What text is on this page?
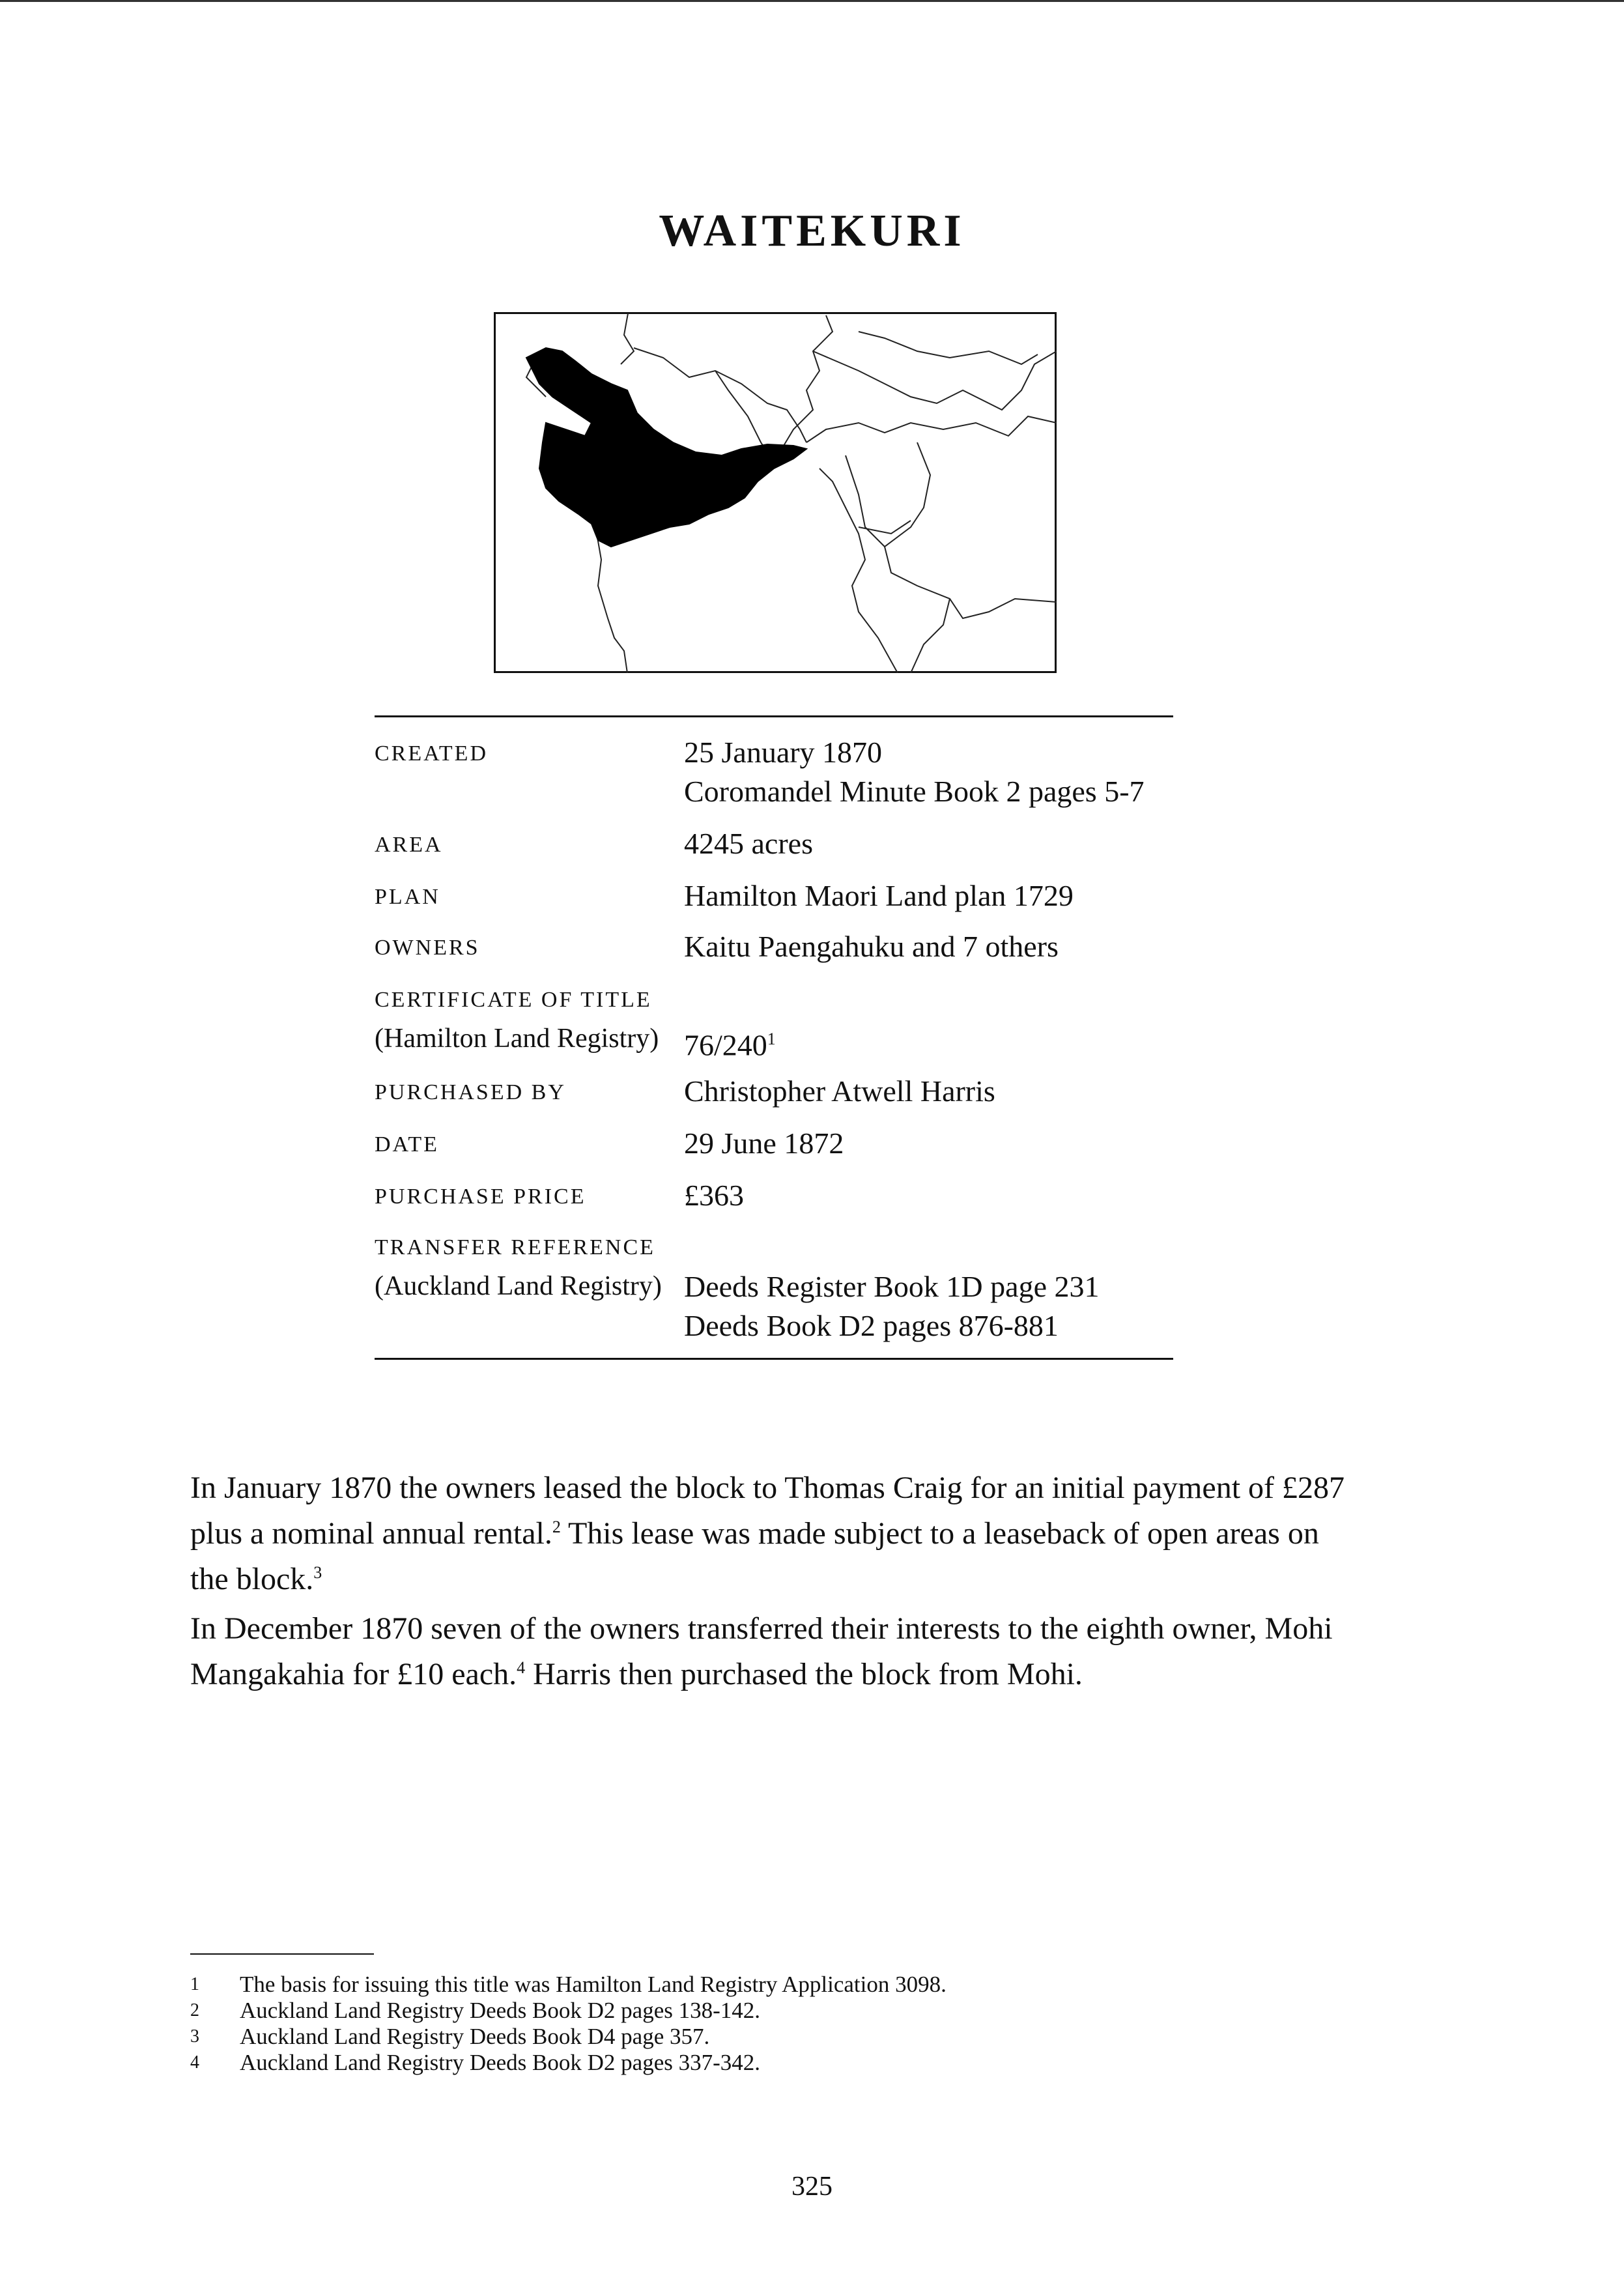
WAITEKURI
CREATED	25 January 1870
Coromandel Minute Book 2 pages 5-7
AREA	4245 acres
PLAN	Hamilton Maori Land plan 1729
OWNERS	Kaitu Paengahuku and 7 others
CERTIFICATE OF TITLE
(Hamilton Land Registry) $76/240^1$
PURCHASED BY	Christopher Atwell Harris
DATE	29 June 1872
PURCHASE PRICE	£363
TRANSFER REFERENCE
(Auckland Land Registry) Deeds Register Book 1D page 231
Deeds Book D2 pages 876-881

In January 1870 the owners leased the block to Thomas Craig for an initial payment of £287 plus a nominal annual rental.$^2$ This lease was made subject to a leaseback of open areas on the block.$^3$

In December 1870 seven of the owners transferred their interests to the eighth owner, Mohi Mangakahia for £10 each.$^4$ Harris then purchased the block from Mohi.

1 The basis for issuing this title was Hamilton Land Registry Application 3098.
2 Auckland Land Registry Deeds Book D2 pages 138-142.
3 Auckland Land Registry Deeds Book D4 page 357.
4 Auckland Land Registry Deeds Book D2 pages 337-342.
325
